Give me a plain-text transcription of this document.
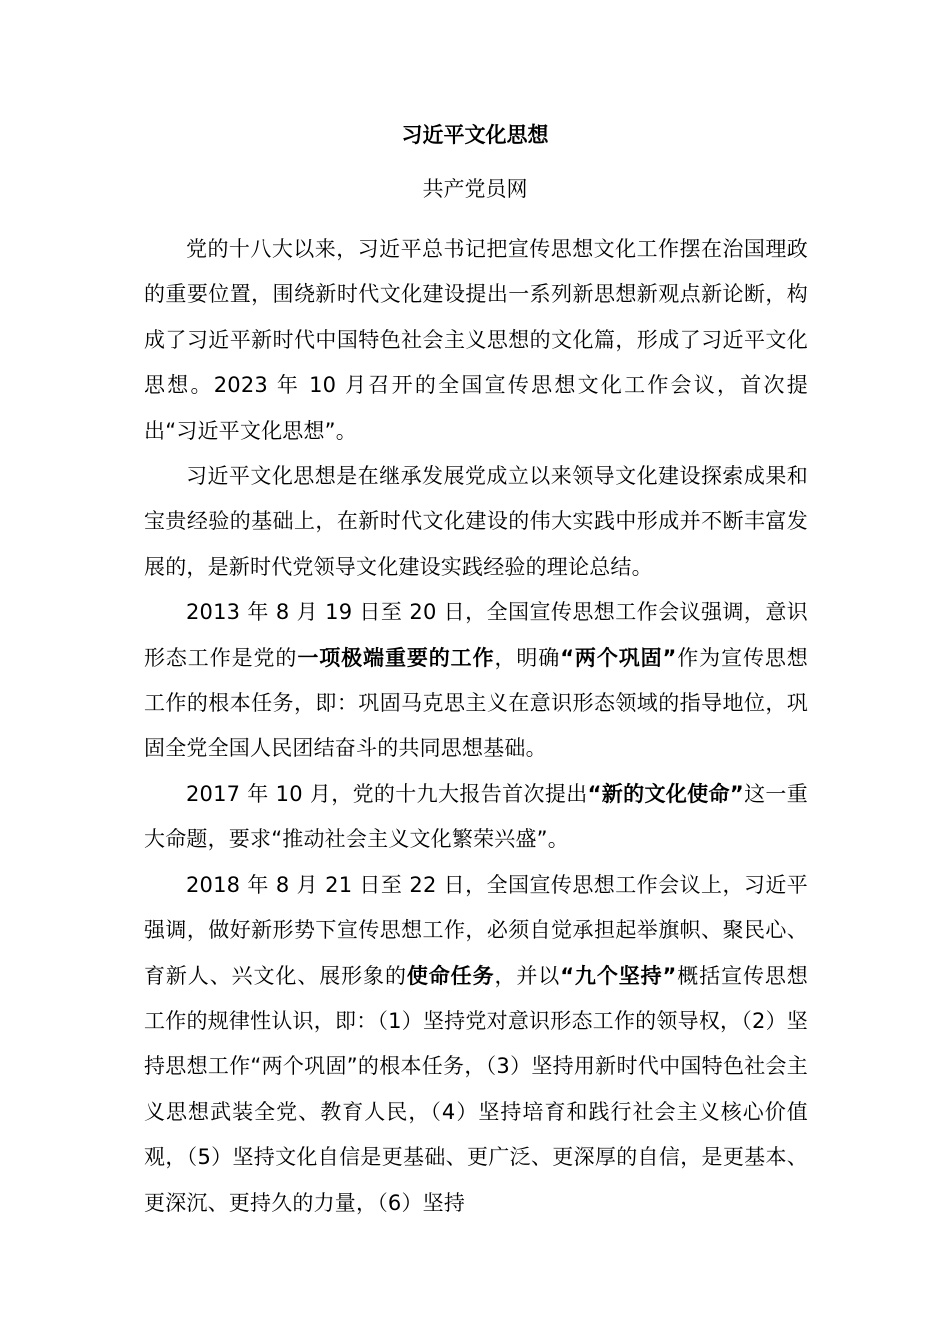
习近平文化思想

共产党员网

党的十八大以来，习近平总书记把宣传思想文化工作摆在治国理政的重要位置，围绕新时代文化建设提出一系列新思想新观点新论断，构成了习近平新时代中国特色社会主义思想的文化篇，形成了习近平文化思想。2023 年 10 月召开的全国宣传思想文化工作会议，首次提出“习近平文化思想”。

习近平文化思想是在继承发展党成立以来领导文化建设探索成果和宝贵经验的基础上，在新时代文化建设的伟大实践中形成并不断丰富发展的，是新时代党领导文化建设实践经验的理论总结。

2013 年 8 月 19 日至 20 日，全国宣传思想工作会议强调，意识形态工作是党的一项极端重要的工作，明确“两个巩固”作为宣传思想工作的根本任务，即：巩固马克思主义在意识形态领域的指导地位，巩固全党全国人民团结奋斗的共同思想基础。

2017 年 10 月，党的十九大报告首次提出“新的文化使命”这一重大命题，要求“推动社会主义文化繁荣兴盛”。

2018 年 8 月 21 日至 22 日，全国宣传思想工作会议上，习近平强调，做好新形势下宣传思想工作，必须自觉承担起举旗帜、聚民心、育新人、兴文化、展形象的使命任务，并以“九个坚持”概括宣传思想工作的规律性认识，即：（1）坚持党对意识形态工作的领导权，（2）坚持思想工作“两个巩固”的根本任务，（3）坚持用新时代中国特色社会主义思想武装全党、教育人民，（4）坚持培育和践行社会主义核心价值观，（5）坚持文化自信是更基础、更广泛、更深厚的自信，是更基本、更深沉、更持久的力量，（6）坚持
